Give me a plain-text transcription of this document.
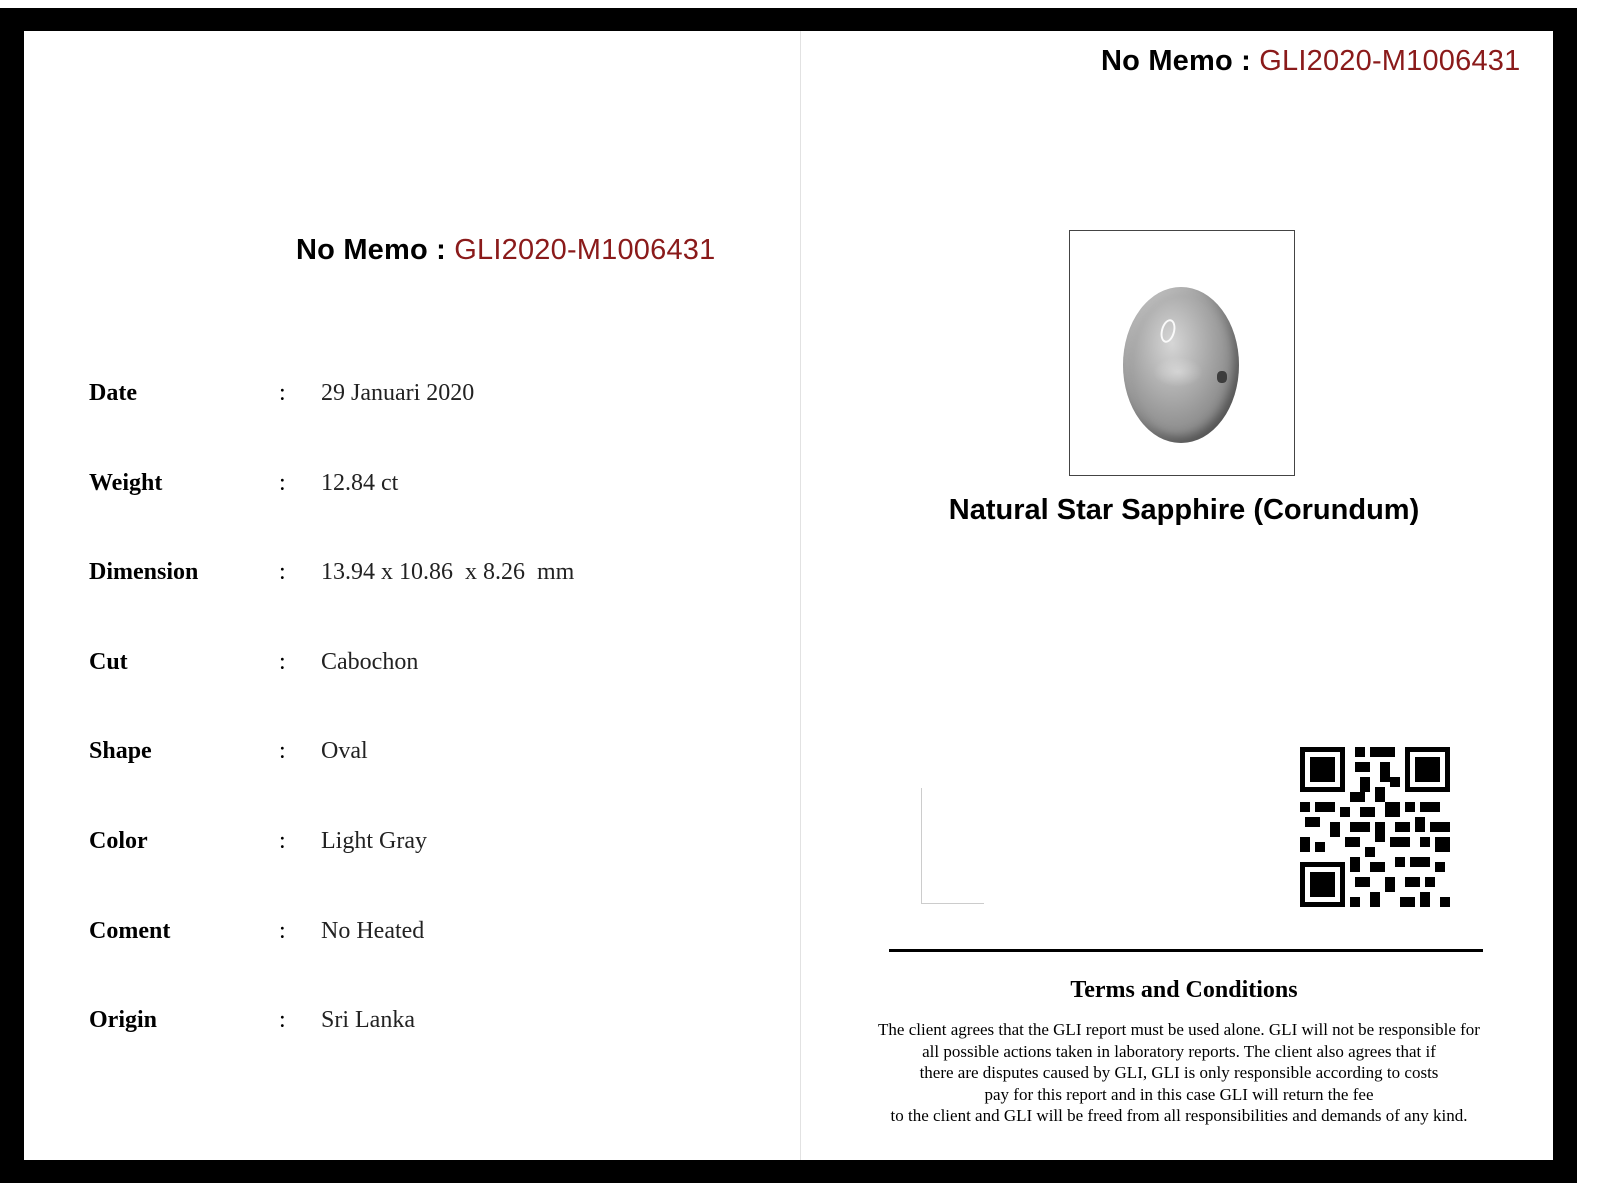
No Memo : GLI2020-M1006431
Date	: 29 Januari 2020
Weight	: 12.84 ct
Dimension	: 13.94 x 10.86  x 8.26  mm
Cut	: Cabochon
Shape	: Oval
Color	: Light Gray
Coment	: No Heated
Origin	: Sri Lanka
No Memo : GLI2020-M1006431
Natural Star Sapphire (Corundum)
Terms and Conditions
The client agrees that the GLI report must be used alone. GLI will not be responsible for
all possible actions taken in laboratory reports. The client also agrees that if
there are disputes caused by GLI, GLI is only responsible according to costs
pay for this report and in this case GLI will return the fee
to the client and GLI will be freed from all responsibilities and demands of any kind.
